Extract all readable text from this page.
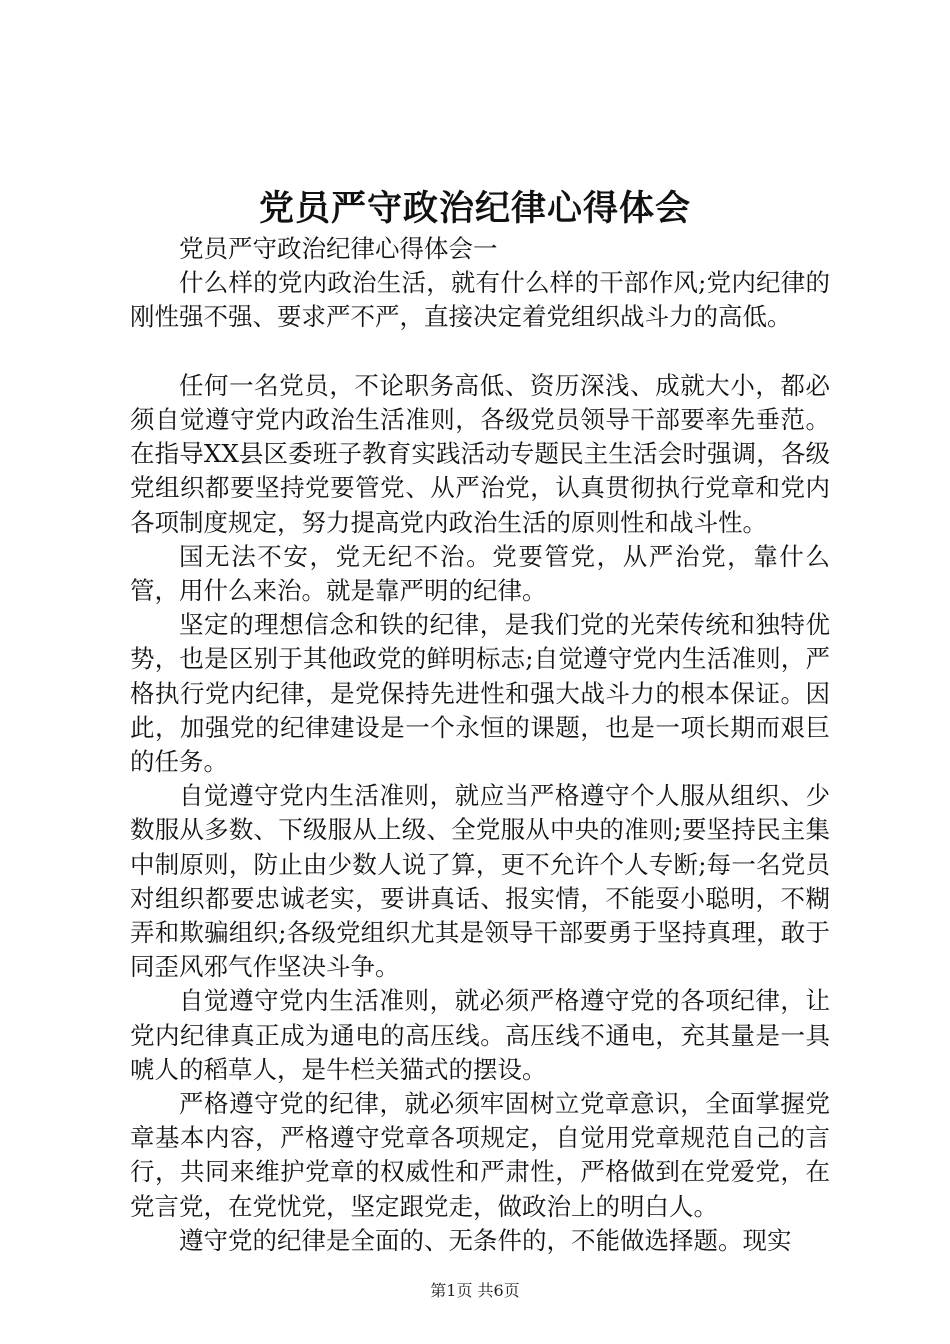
党员严守政治纪律心得体会

党员严守政治纪律心得体会一

什么样的党内政治生活，就有什么样的干部作风;党内纪律的刚性强不强、要求严不严，直接决定着党组织战斗力的高低。

任何一名党员，不论职务高低、资历深浅、成就大小，都必须自觉遵守党内政治生活准则，各级党员领导干部要率先垂范。在指导XX县区委班子教育实践活动专题民主生活会时强调，各级党组织都要坚持党要管党、从严治党，认真贯彻执行党章和党内各项制度规定，努力提高党内政治生活的原则性和战斗性。

国无法不安，党无纪不治。党要管党，从严治党，靠什么管，用什么来治。就是靠严明的纪律。

坚定的理想信念和铁的纪律，是我们党的光荣传统和独特优势，也是区别于其他政党的鲜明标志;自觉遵守党内生活准则，严格执行党内纪律，是党保持先进性和强大战斗力的根本保证。因此，加强党的纪律建设是一个永恒的课题，也是一项长期而艰巨的任务。

自觉遵守党内生活准则，就应当严格遵守个人服从组织、少数服从多数、下级服从上级、全党服从中央的准则;要坚持民主集中制原则，防止由少数人说了算，更不允许个人专断;每一名党员对组织都要忠诚老实，要讲真话、报实情，不能耍小聪明，不糊弄和欺骗组织;各级党组织尤其是领导干部要勇于坚持真理，敢于同歪风邪气作坚决斗争。

自觉遵守党内生活准则，就必须严格遵守党的各项纪律，让党内纪律真正成为通电的高压线。高压线不通电，充其量是一具唬人的稻草人，是牛栏关猫式的摆设。

严格遵守党的纪律，就必须牢固树立党章意识，全面掌握党章基本内容，严格遵守党章各项规定，自觉用党章规范自己的言行，共同来维护党章的权威性和严肃性，严格做到在党爱党，在党言党，在党忧党，坚定跟党走，做政治上的明白人。

遵守党的纪律是全面的、无条件的，不能做选择题。现实

第1页 共6页
